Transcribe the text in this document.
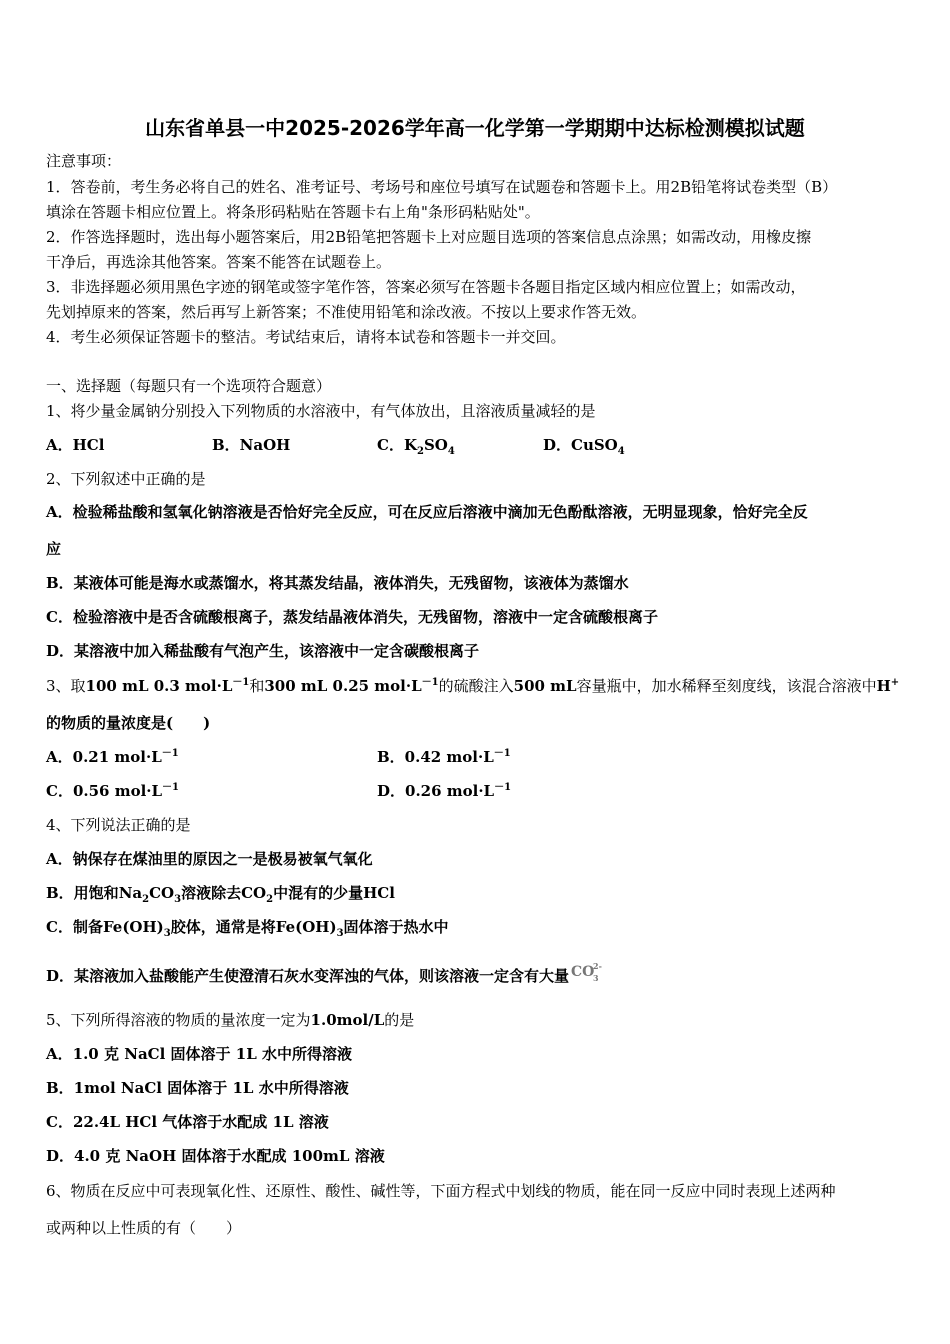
山东省单县一中2025-2026学年高一化学第一学期期中达标检测模拟试题
注意事项：
1．答卷前，考生务必将自己的姓名、准考证号、考场号和座位号填写在试题卷和答题卡上。用2B铅笔将试卷类型（B）
填涂在答题卡相应位置上。将条形码粘贴在答题卡右上角"条形码粘贴处"。
2．作答选择题时，选出每小题答案后，用2B铅笔把答题卡上对应题目选项的答案信息点涂黑；如需改动，用橡皮擦
干净后，再选涂其他答案。答案不能答在试题卷上。
3．非选择题必须用黑色字迹的钢笔或签字笔作答，答案必须写在答题卡各题目指定区域内相应位置上；如需改动，
先划掉原来的答案，然后再写上新答案；不准使用铅笔和涂改液。不按以上要求作答无效。
4．考生必须保证答题卡的整洁。考试结束后，请将本试卷和答题卡一并交回。
一、选择题（每题只有一个选项符合题意）
1、将少量金属钠分别投入下列物质的水溶液中，有气体放出，且溶液质量减轻的是
A．HCl	B．NaOH	C．$K_2SO_4$	D．CuSO$_4$
2、下列叙述中正确的是
A．检验稀盐酸和氢氧化钠溶液是否恰好完全反应，可在反应后溶液中滴加无色酚酞溶液，无明显现象，恰好完全反
应
B．某液体可能是海水或蒸馏水，将其蒸发结晶，液体消失，无残留物，该液体为蒸馏水
C．检验溶液中是否含硫酸根离子，蒸发结晶液体消失，无残留物，溶液中一定含硫酸根离子
D．某溶液中加入稀盐酸有气泡产生，该溶液中一定含碳酸根离子
3、取100 mL 0.3 $mol\cdot L^{-1}$和300 mL 0.25 $mol\cdot L^{-1}$的硫酸注入500 mL容量瓶中，加水稀释至刻度线，该混合溶液中H+
的物质的量浓度是(　　)
A．0.21 $mol\cdot L^{-1}$	B．0.42 $mol\cdot L^{-1}$
C．0.56 $mol\cdot L^{-1}$	D．0.26 $mol\cdot L^{-1}$
4、下列说法正确的是
A．钠保存在煤油里的原因之一是极易被氧气氧化
B．用饱和$Na_2CO_3$溶液除去$CO_2$中混有的少量HCl
C．制备$Fe(OH)_3$胶体，通常是将$Fe(OH)_3$固体溶于热水中
D．某溶液加入盐酸能产生使澄清石灰水变浑浊的气体，则该溶液一定含有大量 CO
2-
3
5、下列所得溶液的物质的量浓度一定为1.0mol/L的是
A．1.0 克 NaCl 固体溶于 1L 水中所得溶液
B．1mol NaCl 固体溶于 1L 水中所得溶液
C．22.4L HCl 气体溶于水配成 1L 溶液
D．4.0 克 NaOH 固体溶于水配成 100mL 溶液
6、物质在反应中可表现氧化性、还原性、酸性、碱性等，下面方程式中划线的物质，能在同一反应中同时表现上述两种
或两种以上性质的有（　　）
